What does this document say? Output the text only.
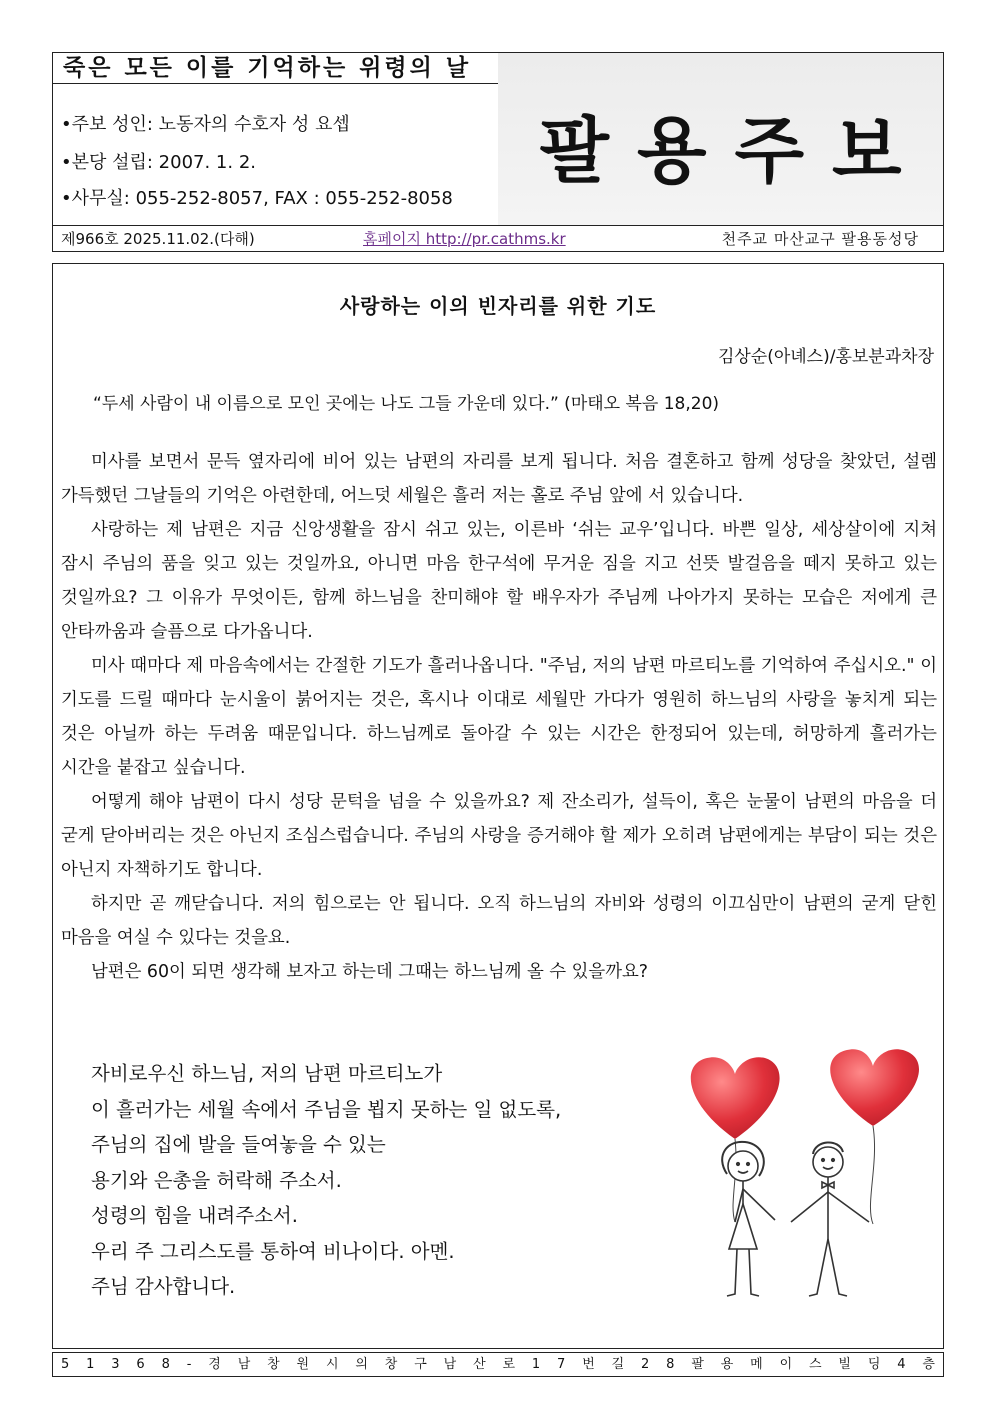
죽은 모든 이를 기억하는 위령의 날
•주보 성인: 노동자의 수호자 성 요셉
•본당 설립: 2007. 1. 2.
•사무실: 055-252-8057, FAX : 055-252-8058
팔용주보
제966호 2025.11.02.(다해)	홈페이지 http://pr.cathms.kr	천주교 마산교구 팔용동성당
사랑하는 이의 빈자리를 위한 기도
김상순(아녜스)/홍보분과차장
“두세 사람이 내 이름으로 모인 곳에는 나도 그들 가운데 있다.” (마태오 복음 18,20)

미사를 보면서 문득 옆자리에 비어 있는 남편의 자리를 보게 됩니다. 처음 결혼하고 함께 성당을 찾았던, 설렘 가득했던 그날들의 기억은 아련한데, 어느덧 세월은 흘러 저는 홀로 주님 앞에 서 있습니다.

사랑하는 제 남편은 지금 신앙생활을 잠시 쉬고 있는, 이른바 ‘쉬는 교우’입니다. 바쁜 일상, 세상살이에 지쳐 잠시 주님의 품을 잊고 있는 것일까요, 아니면 마음 한구석에 무거운 짐을 지고 선뜻 발걸음을 떼지 못하고 있는 것일까요? 그 이유가 무엇이든, 함께 하느님을 찬미해야 할 배우자가 주님께 나아가지 못하는 모습은 저에게 큰 안타까움과 슬픔으로 다가옵니다.

미사 때마다 제 마음속에서는 간절한 기도가 흘러나옵니다. "주님, 저의 남편 마르티노를 기억하여 주십시오." 이 기도를 드릴 때마다 눈시울이 붉어지는 것은, 혹시나 이대로 세월만 가다가 영원히 하느님의 사랑을 놓치게 되는 것은 아닐까 하는 두려움 때문입니다. 하느님께로 돌아갈 수 있는 시간은 한정되어 있는데, 허망하게 흘러가는 시간을 붙잡고 싶습니다.

어떻게 해야 남편이 다시 성당 문턱을 넘을 수 있을까요? 제 잔소리가, 설득이, 혹은 눈물이 남편의 마음을 더 굳게 닫아버리는 것은 아닌지 조심스럽습니다. 주님의 사랑을 증거해야 할 제가 오히려 남편에게는 부담이 되는 것은 아닌지 자책하기도 합니다.

하지만 곧 깨닫습니다. 저의 힘으로는 안 됩니다. 오직 하느님의 자비와 성령의 이끄심만이 남편의 굳게 닫힌 마음을 여실 수 있다는 것을요.

남편은 60이 되면 생각해 보자고 하는데 그때는 하느님께 올 수 있을까요?

자비로우신 하느님, 저의 남편 마르티노가
이 흘러가는 세월 속에서 주님을 뵙지 못하는 일 없도록,
주님의 집에 발을 들여놓을 수 있는
용기와 은총을 허락해 주소서.
성령의 힘을 내려주소서.
우리 주 그리스도를 통하여 비나이다. 아멘.
주님 감사합니다.
5 1 3 6 8 - 경 남 창 원 시 의 창 구 남 산 로 1 7 번 길 2 8 팔 용 메 이 스 빌 딩 4 층
